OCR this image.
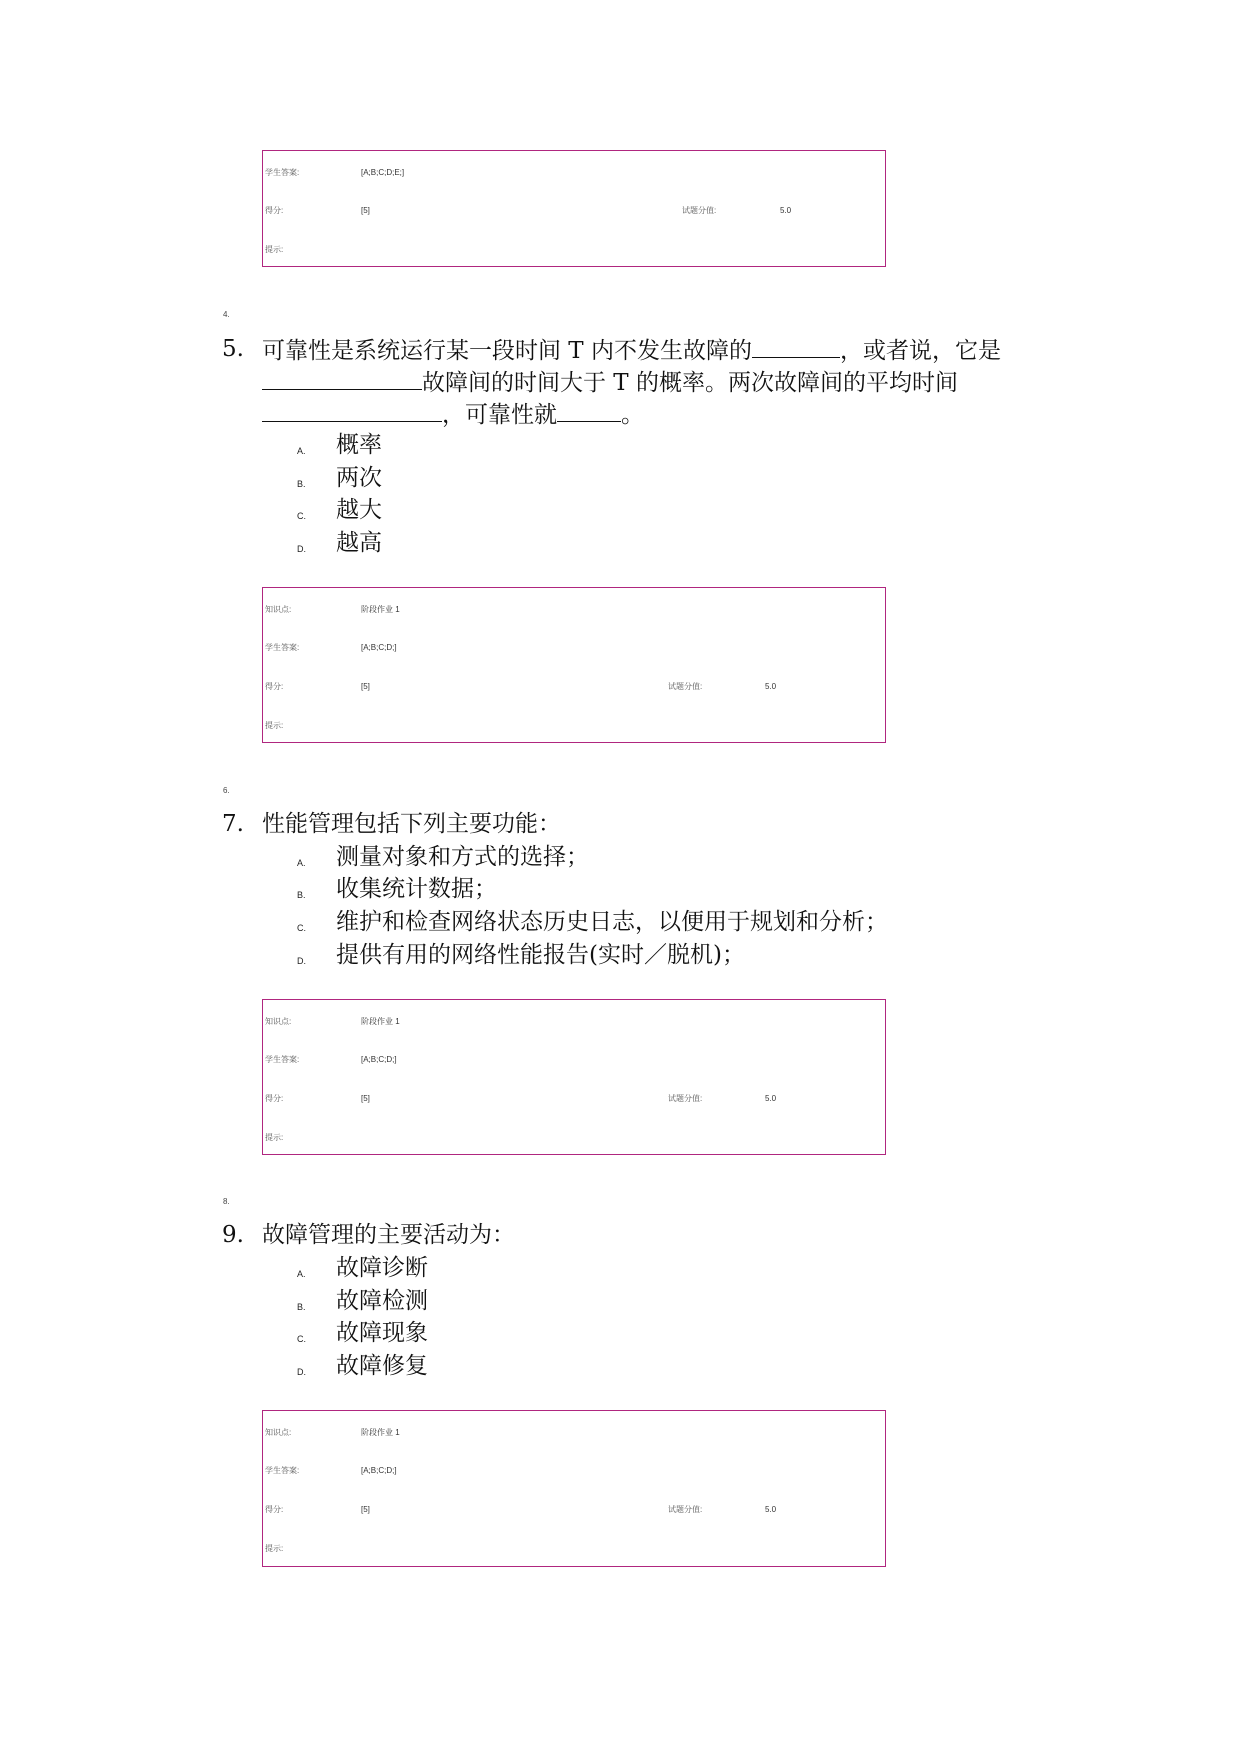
学生答案:	[A;B;C;D;E;]
得分:	[5]	试题分值:	5.0
提示:
4.
5. 可靠性是系统运行某一段时间 T 内不发生故障的	，或者说，它是
故障间的时间大于 T 的概率。两次故障间的平均时间
，可靠性就	。
A. 概率
B. 两次
C. 越大
D. 越高
知识点:	阶段作业 1
学生答案:	[A;B;C;D;]
得分:	[5]	试题分值:	5.0
提示:
6.
7. 性能管理包括下列主要功能：
A. 测量对象和方式的选择；
B. 收集统计数据；
C. 维护和检查网络状态历史日志，以便用于规划和分析；
D. 提供有用的网络性能报告(实时／脱机)；
知识点:	阶段作业 1
学生答案:	[A;B;C;D;]
得分:	[5]	试题分值:	5.0
提示:
8.
9. 故障管理的主要活动为：
A. 故障诊断
B. 故障检测
C. 故障现象
D. 故障修复
知识点:	阶段作业 1
学生答案:	[A;B;C;D;]
得分:	[5]	试题分值:	5.0
提示:
